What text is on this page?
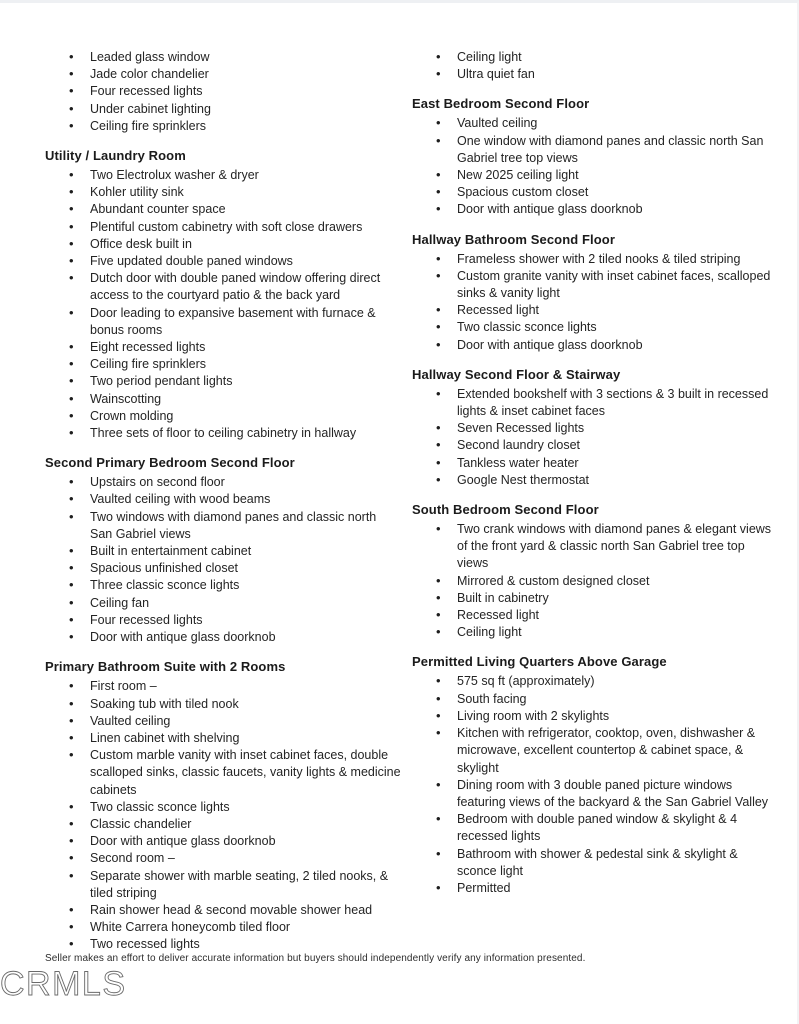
• Leaded glass window
• Jade color chandelier
• Four recessed lights
• Under cabinet lighting
• Ceiling fire sprinklers
Utility / Laundry Room
• Two Electrolux washer & dryer
• Kohler utility sink
• Abundant counter space
• Plentiful custom cabinetry with soft close drawers
• Office desk built in
• Five updated double paned windows
• Dutch door with double paned window offering direct access to the courtyard patio & the back yard
• Door leading to expansive basement with furnace & bonus rooms
• Eight recessed lights
• Ceiling fire sprinklers
• Two period pendant lights
• Wainscotting
• Crown molding
• Three sets of floor to ceiling cabinetry in hallway
Second Primary Bedroom Second Floor
• Upstairs on second floor
• Vaulted ceiling with wood beams
• Two windows with diamond panes and classic north San Gabriel views
• Built in entertainment cabinet
• Spacious unfinished closet
• Three classic sconce lights
• Ceiling fan
• Four recessed lights
• Door with antique glass doorknob
Primary Bathroom Suite with 2 Rooms
• First room –
• Soaking tub with tiled nook
• Vaulted ceiling
• Linen cabinet with shelving
• Custom marble vanity with inset cabinet faces, double scalloped sinks, classic faucets, vanity lights & medicine cabinets
• Two classic sconce lights
• Classic chandelier
• Door with antique glass doorknob
• Second room –
• Separate shower with marble seating, 2 tiled nooks, & tiled striping
• Rain shower head & second movable shower head
• White Carrera honeycomb tiled floor
• Two recessed lights
• Ceiling light
• Ultra quiet fan
East Bedroom Second Floor
• Vaulted ceiling
• One window with diamond panes and classic north San Gabriel tree top views
• New 2025 ceiling light
• Spacious custom closet
• Door with antique glass doorknob
Hallway Bathroom Second Floor
• Frameless shower with 2 tiled nooks & tiled striping
• Custom granite vanity with inset cabinet faces, scalloped sinks & vanity light
• Recessed light
• Two classic sconce lights
• Door with antique glass doorknob
Hallway Second Floor & Stairway
• Extended bookshelf with 3 sections & 3 built in recessed lights & inset cabinet faces
• Seven Recessed lights
• Second laundry closet
• Tankless water heater
• Google Nest thermostat
South Bedroom Second Floor
• Two crank windows with diamond panes & elegant views of the front yard & classic north San Gabriel tree top views
• Mirrored & custom designed closet
• Built in cabinetry
• Recessed light
• Ceiling light
Permitted Living Quarters Above Garage
• 575 sq ft (approximately)
• South facing
• Living room with 2 skylights
• Kitchen with refrigerator, cooktop, oven, dishwasher & microwave, excellent countertop & cabinet space, & skylight
• Dining room with 3 double paned picture windows featuring views of the backyard & the San Gabriel Valley
• Bedroom with double paned window & skylight & 4 recessed lights
• Bathroom with shower & pedestal sink & skylight & sconce light
• Permitted
Seller makes an effort to deliver accurate information but buyers should independently verify any information presented.
CRMLS
